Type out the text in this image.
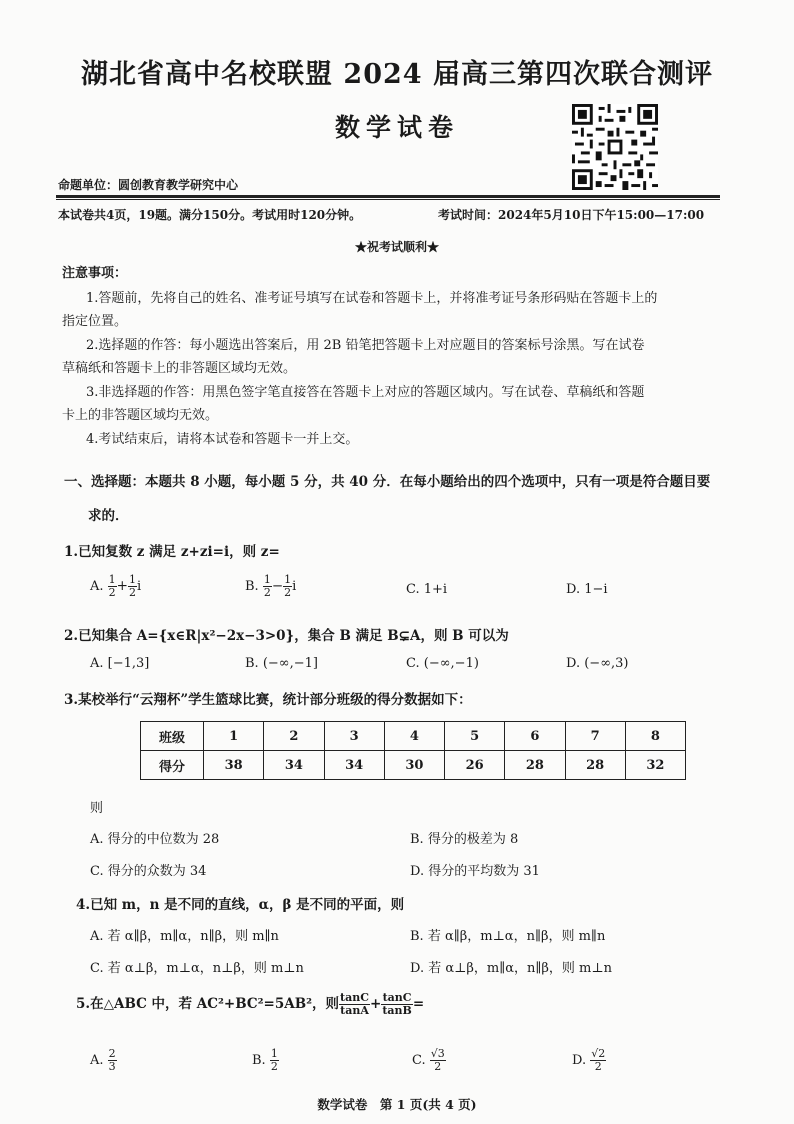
湖北省高中名校联盟 2024 届高三第四次联合测评
数学试卷
命题单位：圆创教育教学研究中心
本试卷共4页，19题。满分150分。考试用时120分钟。	考试时间：2024年5月10日下午15:00—17:00
★祝考试顺利★
注意事项：
1.答题前，先将自己的姓名、准考证号填写在试卷和答题卡上，并将准考证号条形码贴在答题卡上的
指定位置。
2.选择题的作答：每小题选出答案后，用 2B 铅笔把答题卡上对应题目的答案标号涂黑。写在试卷
草稿纸和答题卡上的非答题区域均无效。
3.非选择题的作答：用黑色签字笔直接答在答题卡上对应的答题区域内。写在试卷、草稿纸和答题
卡上的非答题区域均无效。
4.考试结束后，请将本试卷和答题卡一并上交。
一、选择题：本题共 8 小题，每小题 5 分，共 40 分．在每小题给出的四个选项中，只有一项是符合题目要
求的．
1.已知复数 z 满足 z+zi=i，则 z=
A. $\frac{1}{2} + \frac{1}{2}$ i	B. $\frac{1}{2} - \frac{1}{2}$ i	C. 1+i	D. 1−i
2.已知集合 A={x∈R|x²−2x−3>0}，集合 B 满足 B⊊A，则 B 可以为
A. [−1,3]	B. (−∞,−1]	C. (−∞,−1)	D. (−∞,3)
3.某校举行“云翔杯”学生篮球比赛，统计部分班级的得分数据如下：
班级	1	2	3	4	5	6	7	8
得分	38	34	34	30	26	28	28	32
则
A. 得分的中位数为 28	B. 得分的极差为 8
C. 得分的众数为 34	D. 得分的平均数为 31
4.已知 m，n 是不同的直线，α，β 是不同的平面，则
A. 若 α∥β，m∥α，n∥β，则 m∥n	B. 若 α∥β，m⊥α，n∥β，则 m∥n
C. 若 α⊥β，m⊥α，n⊥β，则 m⊥n	D. 若 α⊥β，m∥α，n∥β，则 m⊥n
5.在△ABC 中，若 AC²+BC²=5AB²，则 $\frac{\tan C}{\tan A} + \frac{\tan C}{\tan B}$ =
A. $\frac{2}{3}$	B. $\frac{1}{2}$	C. $\frac{√3}{2}$	D. $\frac{√2}{2}$
数学试卷　第 1 页(共 4 页)
